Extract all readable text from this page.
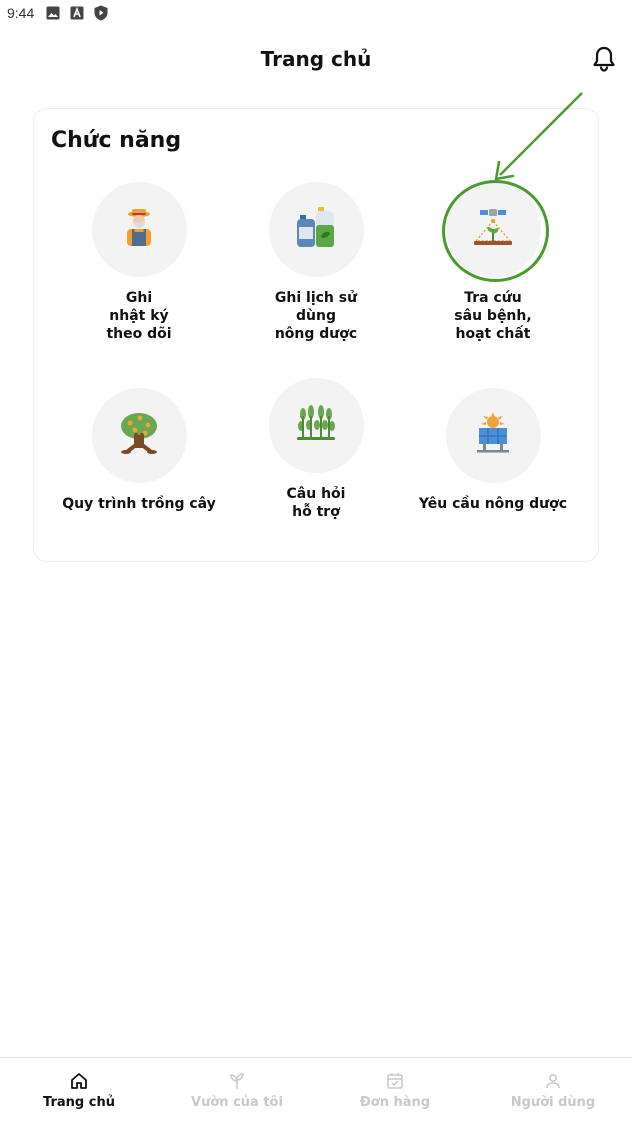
9:44
Trang chủ
Chức năng
Ghi
nhật ký
theo dõi
Ghi lịch sử
dùng
nông dược
Tra cứu
sâu bệnh,
hoạt chất
Quy trình trồng cây
Câu hỏi
hỗ trợ	Yêu cầu nông dược
Trang chủ	Vườn của tôi	Đơn hàng	Người dùng
